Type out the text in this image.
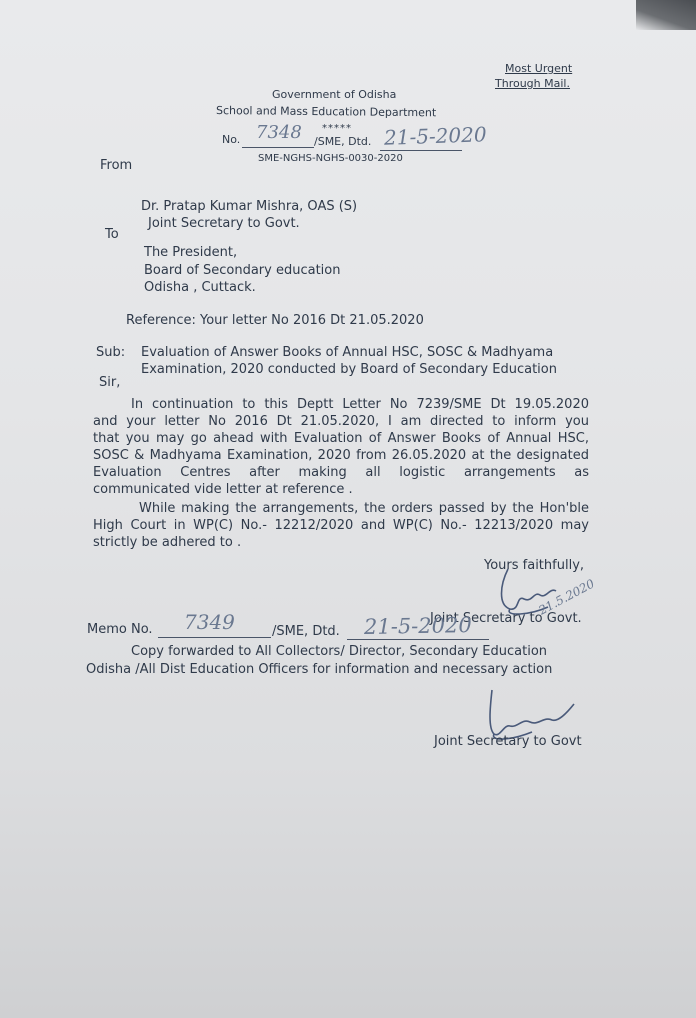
Most Urgent
Through Mail.
Government of Odisha
School and Mass Education Department
No. 7348 *****
/SME, Dtd. 21-5-2020
SME-NGHS-NGHS-0030-2020
From
Dr. Pratap Kumar Mishra, OAS (S)
Joint Secretary to Govt.
To
The President,
Board of Secondary education
Odisha , Cuttack.
Reference: Your letter No 2016 Dt 21.05.2020
Sub: Evaluation of Answer Books of Annual HSC, SOSC & Madhyama
Examination, 2020 conducted by Board of Secondary Education
Sir,
In continuation to this Deptt Letter No 7239/SME Dt 19.05.2020
and your letter No 2016 Dt 21.05.2020, I am directed to inform you
that you may go ahead with Evaluation of Answer Books of Annual HSC,
SOSC & Madhyama Examination, 2020 from 26.05.2020 at the designated
Evaluation Centres after making all logistic arrangements as
communicated vide letter at reference .
While making the arrangements, the orders passed by the Hon'ble
High Court in WP(C) No.- 12212/2020 and WP(C) No.- 12213/2020 may
strictly be adhered to .
Yours faithfully,
21.5.2020
Joint Secretary to Govt.
Memo No. 7349	/SME, Dtd. 21-5-2020
Copy forwarded to All Collectors/ Director, Secondary Education
Odisha /All Dist Education Officers for information and necessary action
Joint Secretary to Govt
